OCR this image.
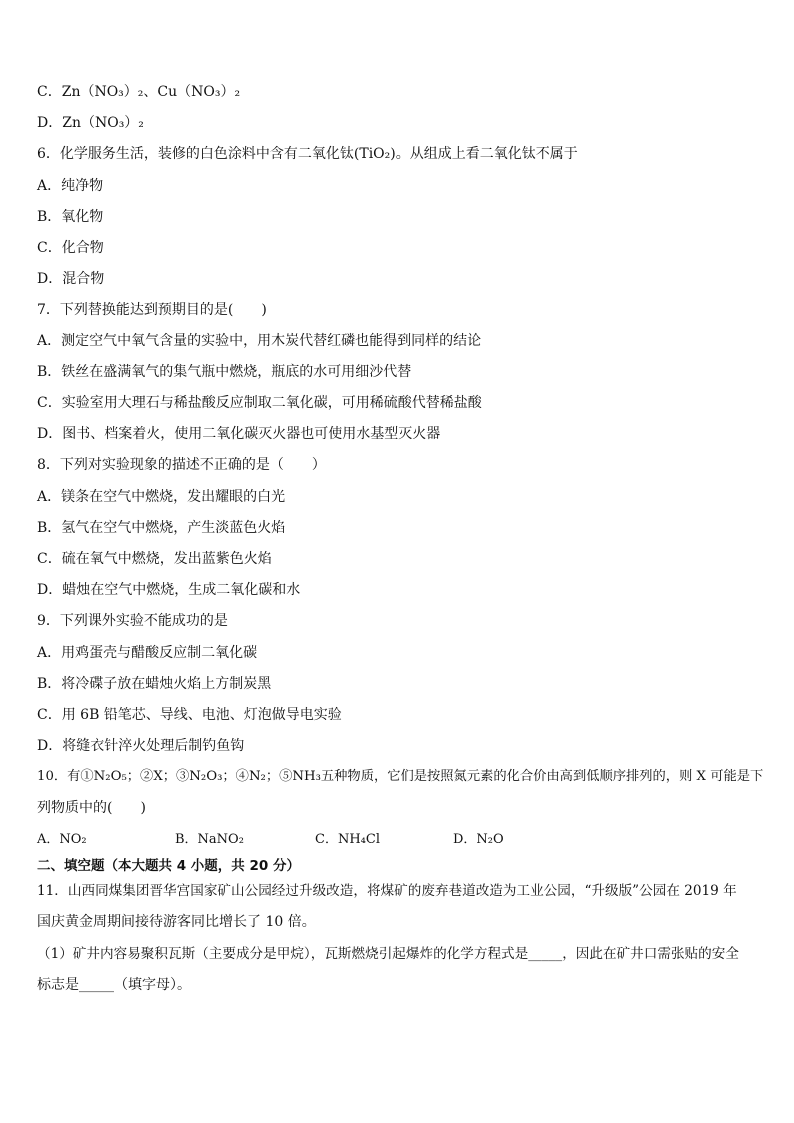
C．Zn（NO₃）₂、Cu（NO₃）₂
D．Zn（NO₃）₂
6．化学服务生活，装修的白色涂料中含有二氧化钛(TiO₂)。从组成上看二氧化钛不属于
A．纯净物
B．氧化物
C．化合物
D．混合物
7．下列替换能达到预期目的是(　　)
A．测定空气中氧气含量的实验中，用木炭代替红磷也能得到同样的结论
B．铁丝在盛满氧气的集气瓶中燃烧，瓶底的水可用细沙代替
C．实验室用大理石与稀盐酸反应制取二氧化碳，可用稀硫酸代替稀盐酸
D．图书、档案着火，使用二氧化碳灭火器也可使用水基型灭火器
8．下列对实验现象的描述不正确的是（　　）
A．镁条在空气中燃烧，发出耀眼的白光
B．氢气在空气中燃烧，产生淡蓝色火焰
C．硫在氧气中燃烧，发出蓝紫色火焰
D．蜡烛在空气中燃烧，生成二氧化碳和水
9．下列课外实验不能成功的是
A．用鸡蛋壳与醋酸反应制二氧化碳
B．将冷碟子放在蜡烛火焰上方制炭黑
C．用 6B 铅笔芯、导线、电池、灯泡做导电实验
D．将缝衣针淬火处理后制钓鱼钩
10．有①N₂O₅；②X；③N₂O₃；④N₂；⑤NH₃五种物质，它们是按照氮元素的化合价由高到低顺序排列的，则 X 可能是下
列物质中的(　　)
A．NO₂	B．NaNO₂	C．NH₄Cl	D．N₂O
二、填空题（本大题共 4 小题，共 20 分）
11．山西同煤集团晋华宫国家矿山公园经过升级改造，将煤矿的废弃巷道改造为工业公园，“升级版”公园在 2019 年
国庆黄金周期间接待游客同比增长了 10 倍。
（1）矿井内容易聚积瓦斯（主要成分是甲烷），瓦斯燃烧引起爆炸的化学方程式是_____，因此在矿井口需张贴的安全
标志是_____（填字母）。
